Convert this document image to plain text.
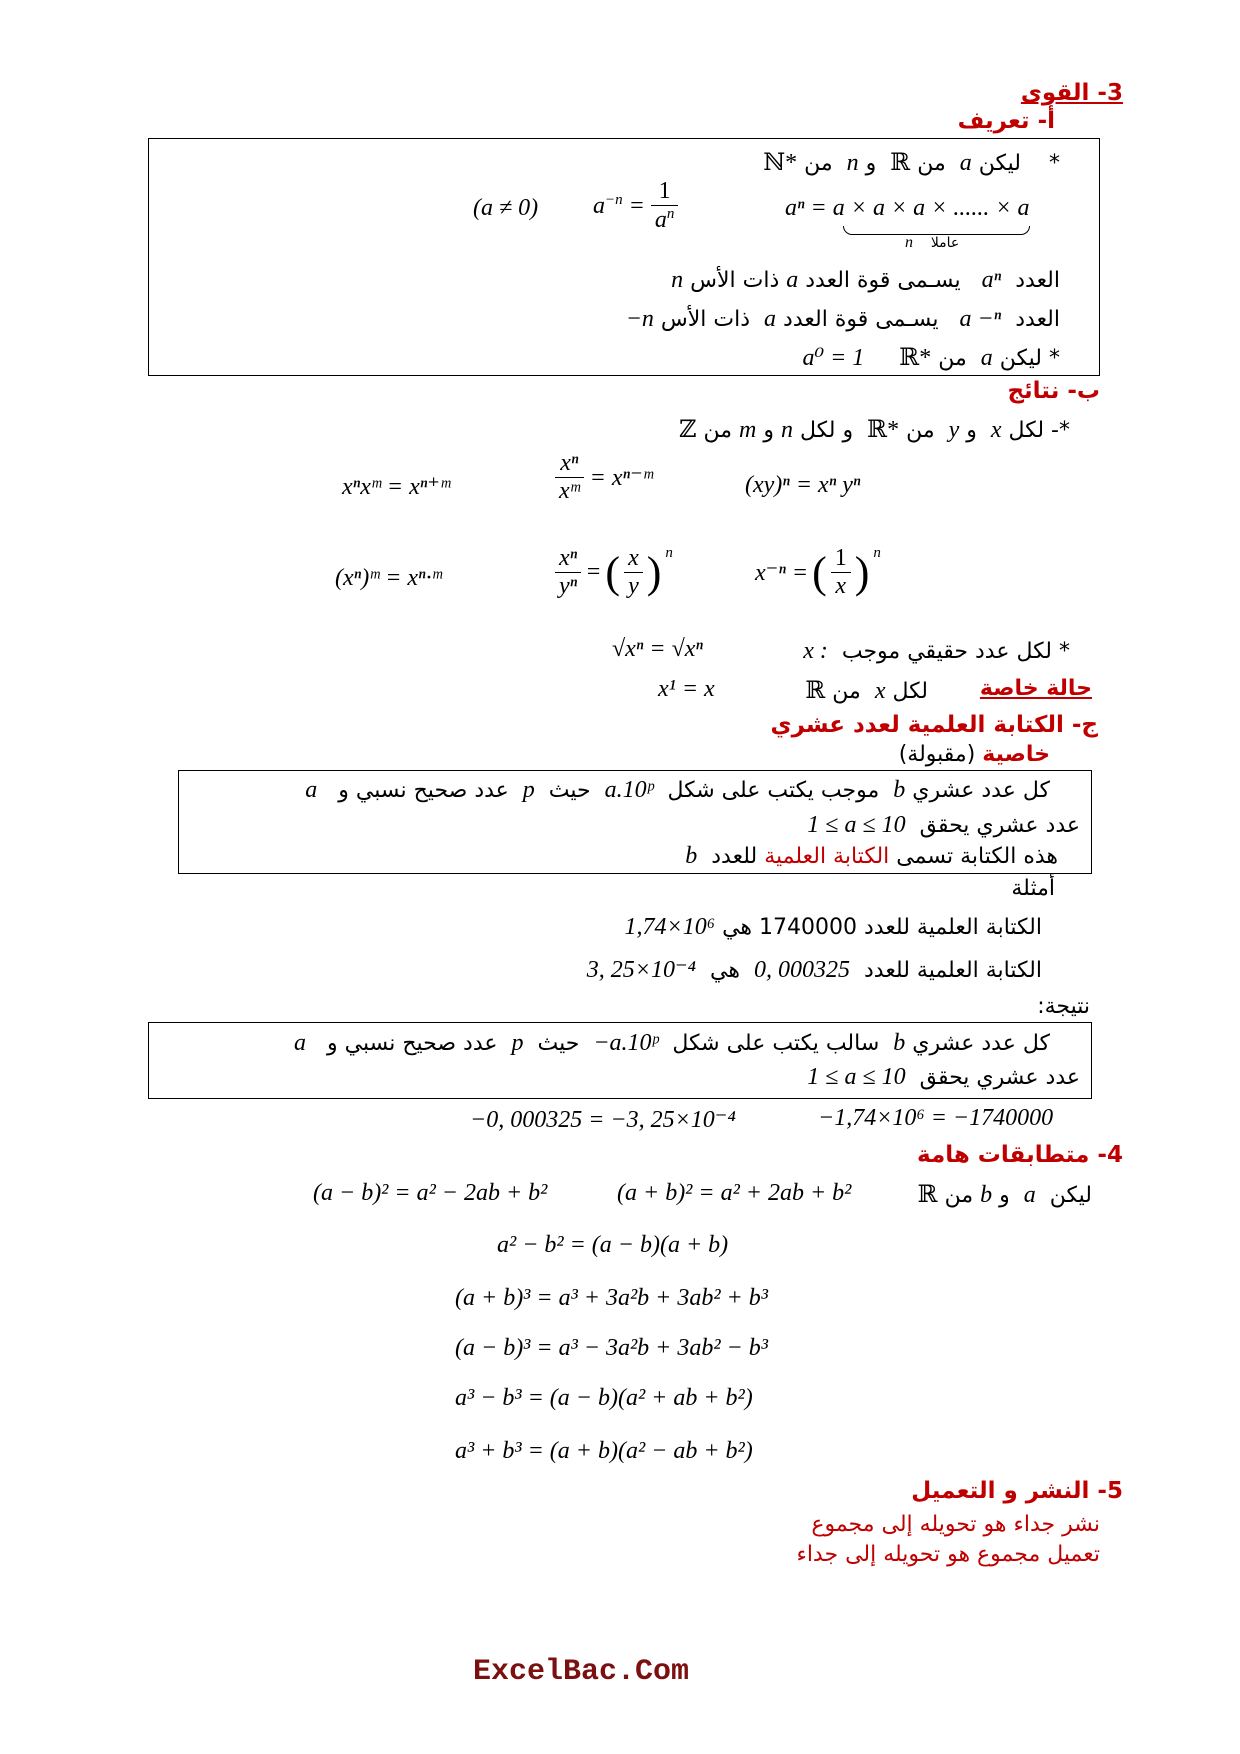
3- القوى
أ- تعريف
*    ليكن a  من ℝ  و n  من ℕ*
aⁿ = a × a × a × ...... × a
عاملا    n
$a^{-n} = \frac{1}{a^n}$
(a ≠ 0)
العدد  aⁿ   يسـمى قوة العدد a ذات الأس n
العدد  a −ⁿ   يسـمى قوة العدد a  ذات الأس −n
* ليكن a  من ℝ*     a⁰ = 1
ب- نتائج
*- لكل x  و y  من ℝ*  و لكل n و m من ℤ
xⁿxᵐ = xⁿ⁺ᵐ	$\frac{\text{xⁿ}}{\text{xᵐ}}$ = xⁿ⁻ᵐ	(xy)ⁿ = xⁿ yⁿ
(xⁿ)ᵐ = xⁿ·ᵐ	$\frac{\text{xⁿ}}{\text{yⁿ}}$ = ( $\frac{x}{y}$ ) $^n$
x⁻ⁿ = ( $\frac{1}{x}$ ) $^n$
* لكل عدد حقيقي موجب  x :
√xⁿ = √xⁿ
حالة خاصة
لكل x  من ℝ
x¹ = x
ج- الكتابة العلمية لعدد عشري
خاصية (مقبولة)
كل عدد عشري b  موجب يكتب على شكل  a.10ᵖ  حيث  p  عدد صحيح نسبي و   a
عدد عشري يحقق  1 ≤ a ≤ 10
هذه الكتابة تسمى الكتابة العلمية للعدد  b
أمثلة
الكتابة العلمية للعدد 1740000 هي 1,74×10⁶
الكتابة العلمية للعدد  0, 000325  هي  3, 25×10⁻⁴
نتيجة:
كل عدد عشري b  سالب يكتب على شكل  −a.10ᵖ  حيث  p  عدد صحيح نسبي و   a
عدد عشري يحقق  1 ≤ a ≤ 10
−1,74×10⁶ = −1740000
−0, 000325 = −3, 25×10⁻⁴
4- متطابقات هامة
ليكن  a  و b من ℝ
(a + b)² = a² + 2ab + b²
(a − b)² = a² − 2ab + b²
a² − b² = (a − b)(a + b)
(a + b)³ = a³ + 3a²b + 3ab² + b³
(a − b)³ = a³ − 3a²b + 3ab² − b³
a³ − b³ = (a − b)(a² + ab + b²)
a³ + b³ = (a + b)(a² − ab + b²)
5- النشر و التعميل
نشر جداء هو تحويله إلى مجموع
تعميل مجموع هو تحويله إلى جداء
ExcelBac.Com
